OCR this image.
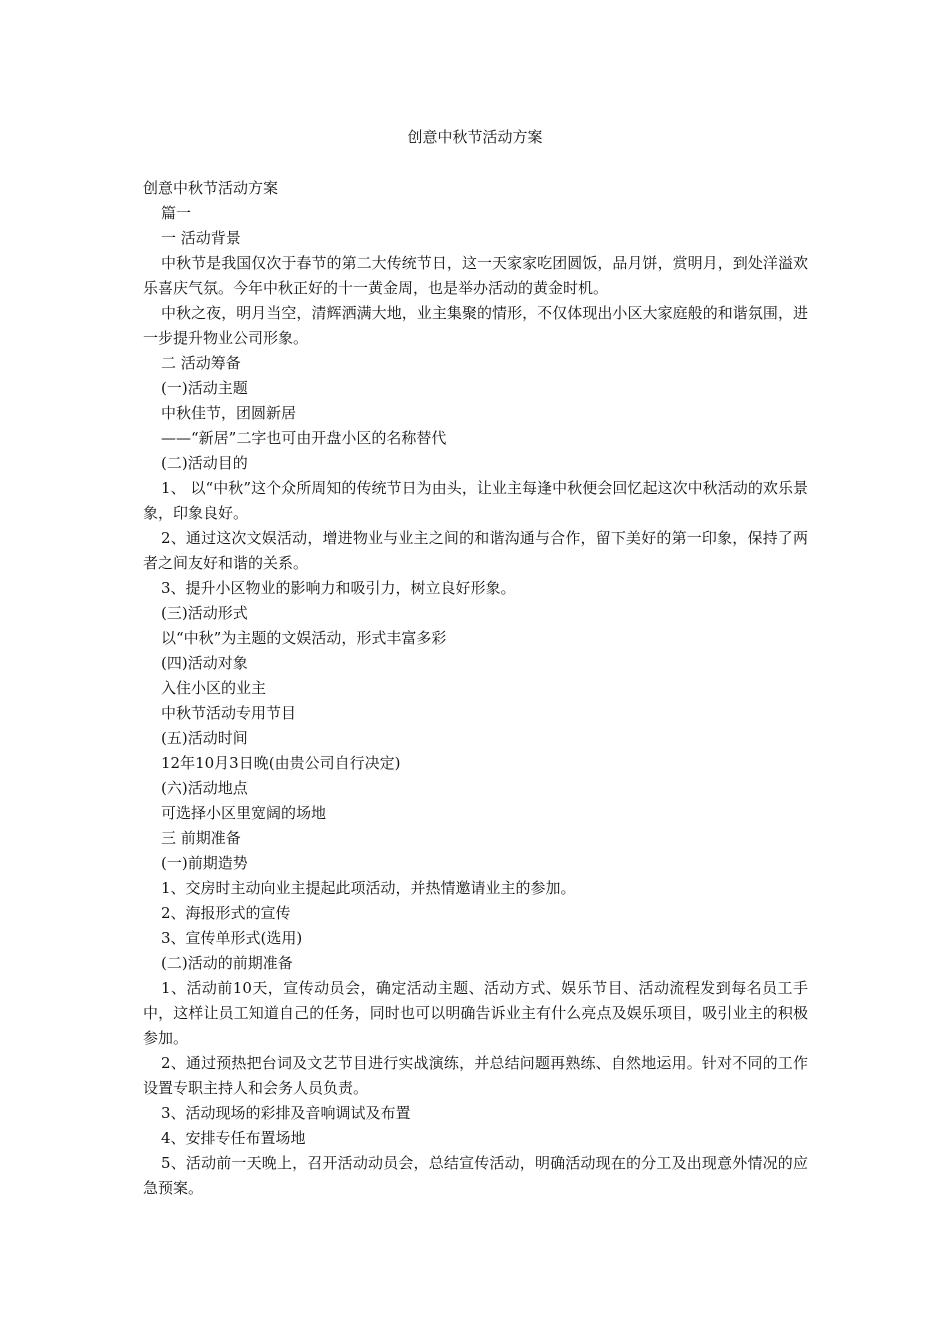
创意中秋节活动方案

创意中秋节活动方案

篇一

一 活动背景

中秋节是我国仅次于春节的第二大传统节日，这一天家家吃团圆饭，品月饼，赏明月，到处洋溢欢乐喜庆气氛。今年中秋正好的十一黄金周，也是举办活动的黄金时机。

中秋之夜，明月当空，清辉洒满大地，业主集聚的情形，不仅体现出小区大家庭般的和谐氛围，进一步提升物业公司形象。

二 活动筹备

(一)活动主题

中秋佳节，团圆新居

——“新居”二字也可由开盘小区的名称替代

(二)活动目的

1、 以“中秋”这个众所周知的传统节日为由头，让业主每逢中秋便会回忆起这次中秋活动的欢乐景象，印象良好。

2、通过这次文娱活动，增进物业与业主之间的和谐沟通与合作，留下美好的第一印象，保持了两者之间友好和谐的关系。

3、提升小区物业的影响力和吸引力，树立良好形象。

(三)活动形式

以“中秋”为主题的文娱活动，形式丰富多彩

(四)活动对象

入住小区的业主

中秋节活动专用节目

(五)活动时间

12年10月3日晚(由贵公司自行决定)

(六)活动地点

可选择小区里宽阔的场地

三 前期准备

(一)前期造势

1、交房时主动向业主提起此项活动，并热情邀请业主的参加。

2、海报形式的宣传

3、宣传单形式(选用)

(二)活动的前期准备

1、活动前10天，宣传动员会，确定活动主题、活动方式、娱乐节目、活动流程发到每名员工手中，这样让员工知道自己的任务，同时也可以明确告诉业主有什么亮点及娱乐项目，吸引业主的积极参加。

2、通过预热把台词及文艺节目进行实战演练，并总结问题再熟练、自然地运用。针对不同的工作设置专职主持人和会务人员负责。

3、活动现场的彩排及音响调试及布置

4、安排专任布置场地

5、活动前一天晚上，召开活动动员会，总结宣传活动，明确活动现在的分工及出现意外情况的应急预案。
